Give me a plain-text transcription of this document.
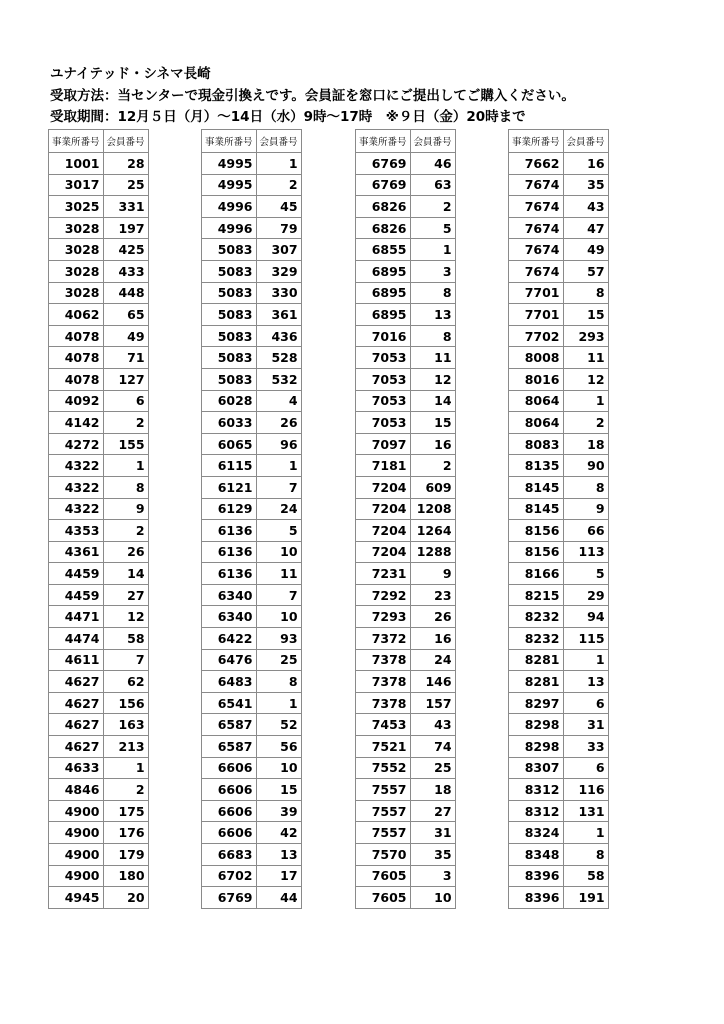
ユナイテッド・シネマ長崎
受取方法：当センターで現金引換えです。会員証を窓口にご提出してご購入ください。
受取期間：12月５日（月）～14日（水）9時～17時　※９日（金）20時まで
事業所番号	会員番号
1001	28
3017	25
3025	331
3028	197
3028	425
3028	433
3028	448
4062	65
4078	49
4078	71
4078	127
4092	6
4142	2
4272	155
4322	1
4322	8
4322	9
4353	2
4361	26
4459	14
4459	27
4471	12
4474	58
4611	7
4627	62
4627	156
4627	163
4627	213
4633	1
4846	2
4900	175
4900	176
4900	179
4900	180
4945	20
事業所番号	会員番号
4995	1
4995	2
4996	45
4996	79
5083	307
5083	329
5083	330
5083	361
5083	436
5083	528
5083	532
6028	4
6033	26
6065	96
6115	1
6121	7
6129	24
6136	5
6136	10
6136	11
6340	7
6340	10
6422	93
6476	25
6483	8
6541	1
6587	52
6587	56
6606	10
6606	15
6606	39
6606	42
6683	13
6702	17
6769	44
事業所番号	会員番号
6769	46
6769	63
6826	2
6826	5
6855	1
6895	3
6895	8
6895	13
7016	8
7053	11
7053	12
7053	14
7053	15
7097	16
7181	2
7204	609
7204	1208
7204	1264
7204	1288
7231	9
7292	23
7293	26
7372	16
7378	24
7378	146
7378	157
7453	43
7521	74
7552	25
7557	18
7557	27
7557	31
7570	35
7605	3
7605	10
事業所番号	会員番号
7662	16
7674	35
7674	43
7674	47
7674	49
7674	57
7701	8
7701	15
7702	293
8008	11
8016	12
8064	1
8064	2
8083	18
8135	90
8145	8
8145	9
8156	66
8156	113
8166	5
8215	29
8232	94
8232	115
8281	1
8281	13
8297	6
8298	31
8298	33
8307	6
8312	116
8312	131
8324	1
8348	8
8396	58
8396	191
